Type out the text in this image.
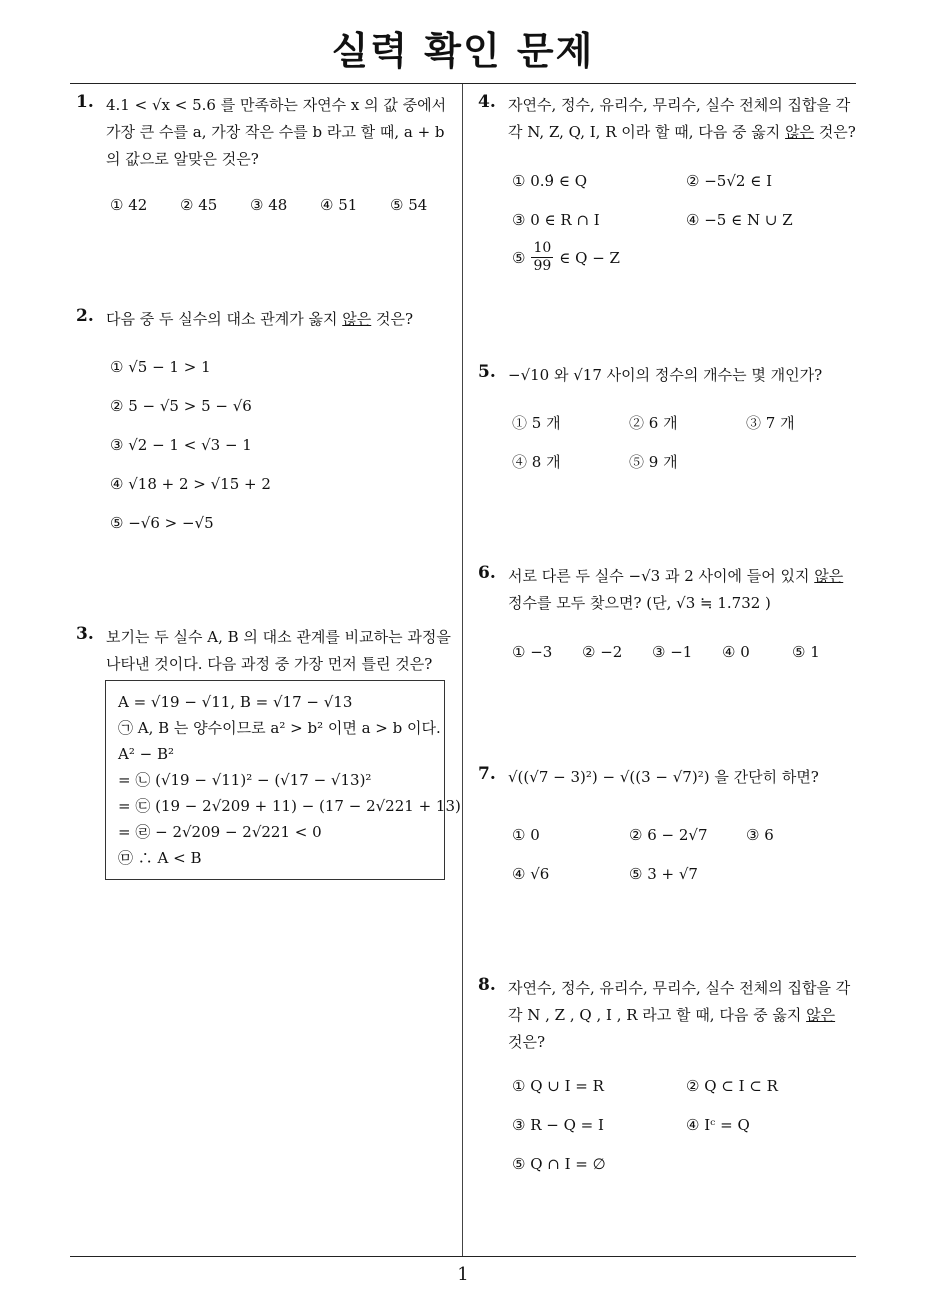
실력 확인 문제
1
1. 4.1 < √x < 5.6 를 만족하는 자연수 x 의 값 중에서
가장 큰 수를 a, 가장 작은 수를 b 라고 할 때, a + b
의 값으로 알맞은 것은?
① 42 ② 45 ③ 48 ④ 51 ⑤ 54
2. 다음 중 두 실수의 대소 관계가 옳지 않은 것은?
① √5 − 1 > 1
② 5 − √5 > 5 − √6
③ √2 − 1 < √3 − 1
④ √18 + 2 > √15 + 2
⑤ −√6 > −√5
3. 보기는 두 실수 A, B 의 대소 관계를 비교하는 과정을
나타낸 것이다. 다음 과정 중 가장 먼저 틀린 것은?
A = √19 − √11, B = √17 − √13
㉠ A, B 는 양수이므로 a² > b² 이면 a > b 이다.
A² − B²
= ㉡ (√19 − √11)² − (√17 − √13)²
= ㉢ (19 − 2√209 + 11) − (17 − 2√221 + 13)
= ㉣ − 2√209 − 2√221 < 0
㉤ ∴ A < B
4. 자연수, 정수, 유리수, 무리수, 실수 전체의 집합을 각
각 N, Z, Q, I, R 이라 할 때, 다음 중 옳지 않은 것은?
① 0.9̇ ∈ Q	② −5√2 ∈ I
③ 0 ∈ R ∩ I	④ −5 ∈ N ∪ Z
⑤ $\frac{10}{99}$ ∈ Q − Z
5. −√10 와 √17 사이의 정수의 개수는 몇 개인가?
① 5 개	② 6 개	③ 7 개
④ 8 개	⑤ 9 개
6. 서로 다른 두 실수 −√3 과 2 사이에 들어 있지 않은
정수를 모두 찾으면? (단, √3 ≒ 1.732 )
① −3 ② −2 ③ −1 ④ 0	⑤ 1
7. √((√7 − 3)²) − √((3 − √7)²) 을 간단히 하면?
① 0	② 6 − 2√7	③ 6
④ √6	⑤ 3 + √7
8. 자연수, 정수, 유리수, 무리수, 실수 전체의 집합을 각
각 N , Z , Q , I , R 라고 할 때, 다음 중 옳지 않은
것은?
① Q ∪ I = R	② Q ⊂ I ⊂ R
③ R − Q = I	④ Iᶜ = Q
⑤ Q ∩ I = ∅
